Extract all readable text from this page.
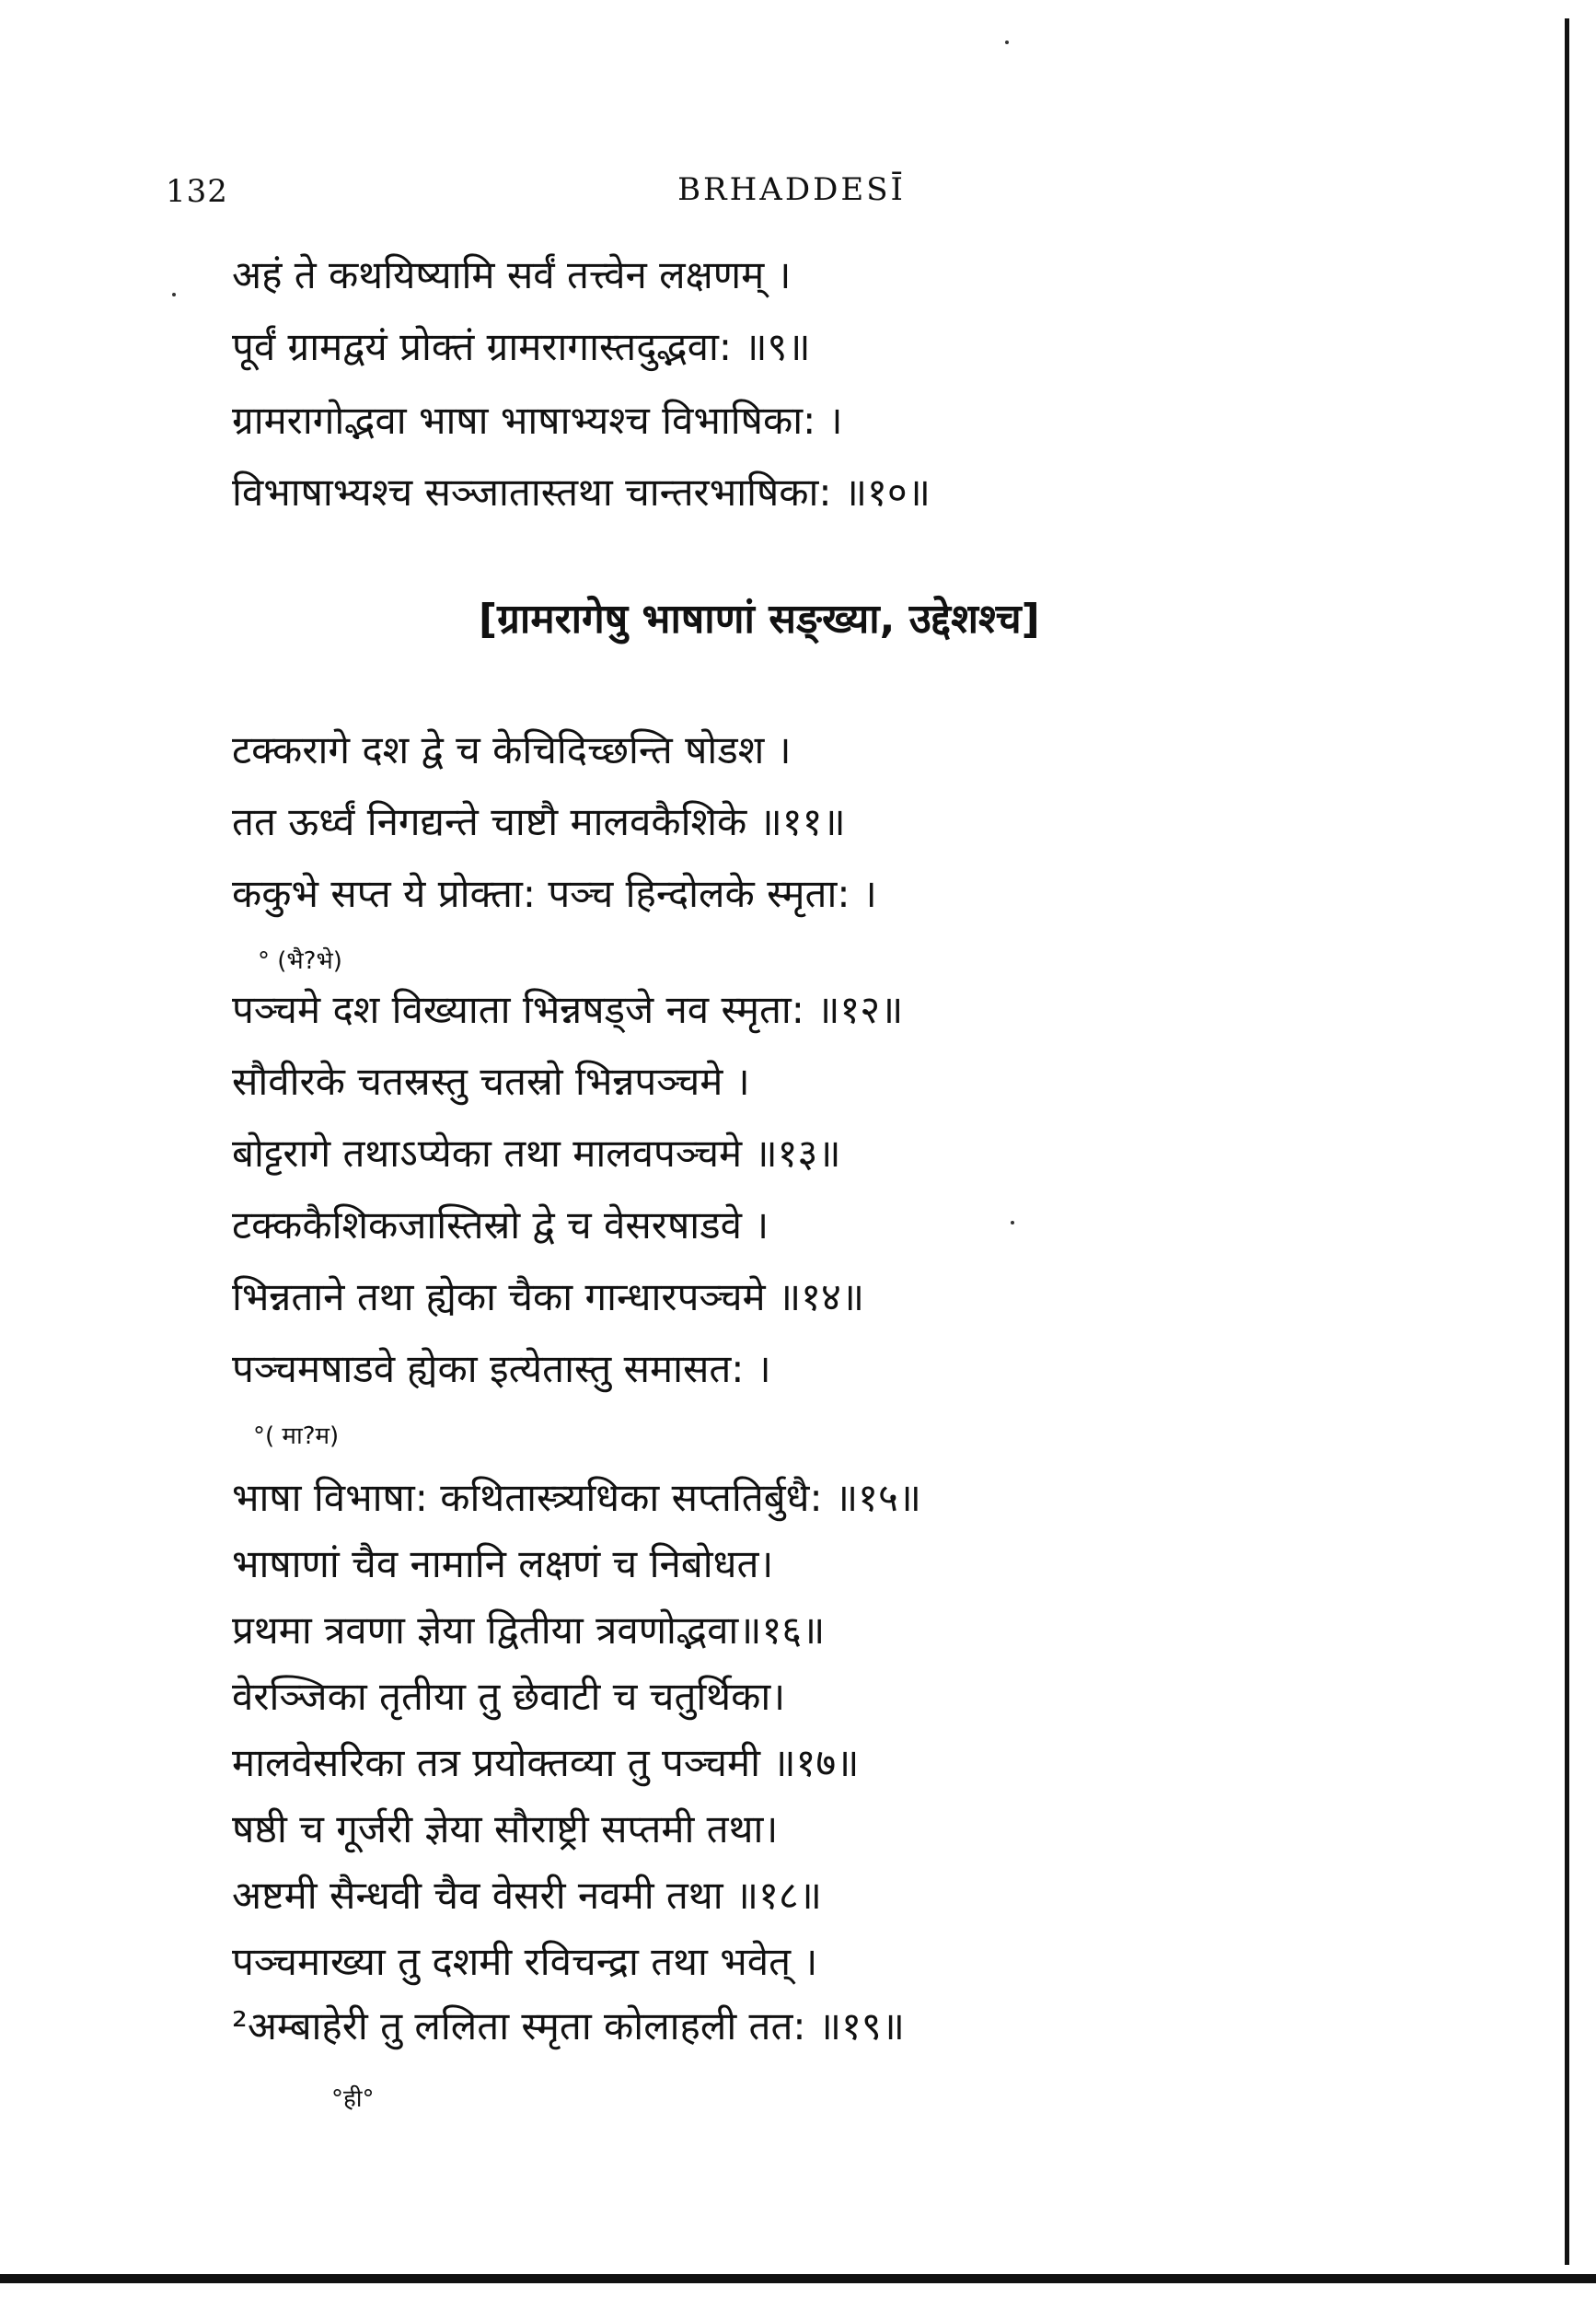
132	BRHADDESĪ
अहं ते कथयिष्यामि सर्वं तत्त्वेन लक्षणम् ।
पूर्वं ग्रामद्वयं प्रोक्तं ग्रामरागास्तदुद्भवा: ॥९॥
ग्रामरागोद्भवा भाषा भाषाभ्यश्च विभाषिका: ।
विभाषाभ्यश्च सञ्जातास्तथा चान्तरभाषिका: ॥१०॥
[ग्रामरागेषु भाषाणां सङ्ख्या, उद्देशश्च]
टक्करागे दश द्वे च केचिदिच्छन्ति षोडश ।
तत ऊर्ध्वं निगद्यन्ते चाष्टौ मालवकैशिके ॥११॥
ककुभे सप्त ये प्रोक्ता: पञ्च हिन्दोलके स्मृता: ।
° (भै?भे)
पञ्चमे दश विख्याता भिन्नषड्जे नव स्मृता: ॥१२॥
सौवीरके चतस्रस्तु चतस्रो भिन्नपञ्चमे ।
बोट्टरागे तथाऽप्येका तथा मालवपञ्चमे ॥१३॥
टक्ककैशिकजास्तिस्रो द्वे च वेसरषाडवे ।
भिन्नताने तथा ह्येका चैका गान्धारपञ्चमे ॥१४॥
पञ्चमषाडवे ह्येका इत्येतास्तु समासत: ।
°( मा?म)
भाषा विभाषा: कथितास्त्र्यधिका सप्ततिर्बुधै: ॥१५॥
भाषाणां चैव नामानि लक्षणं च निबोधत।
प्रथमा त्रवणा ज्ञेया द्वितीया त्रवणोद्भवा॥१६॥
वेरञ्जिका तृतीया तु छेवाटी च चतुर्थिका।
मालवेसरिका तत्र प्रयोक्तव्या तु पञ्चमी ॥१७॥
षष्ठी च गूर्जरी ज्ञेया सौराष्ट्री सप्तमी तथा।
अष्टमी सैन्धवी चैव वेसरी नवमी तथा ॥१८॥
पञ्चमाख्या तु दशमी रविचन्द्रा तथा भवेत् ।
²अम्बाहेरी तु ललिता स्मृता कोलाहली तत: ॥१९॥
°ही°
